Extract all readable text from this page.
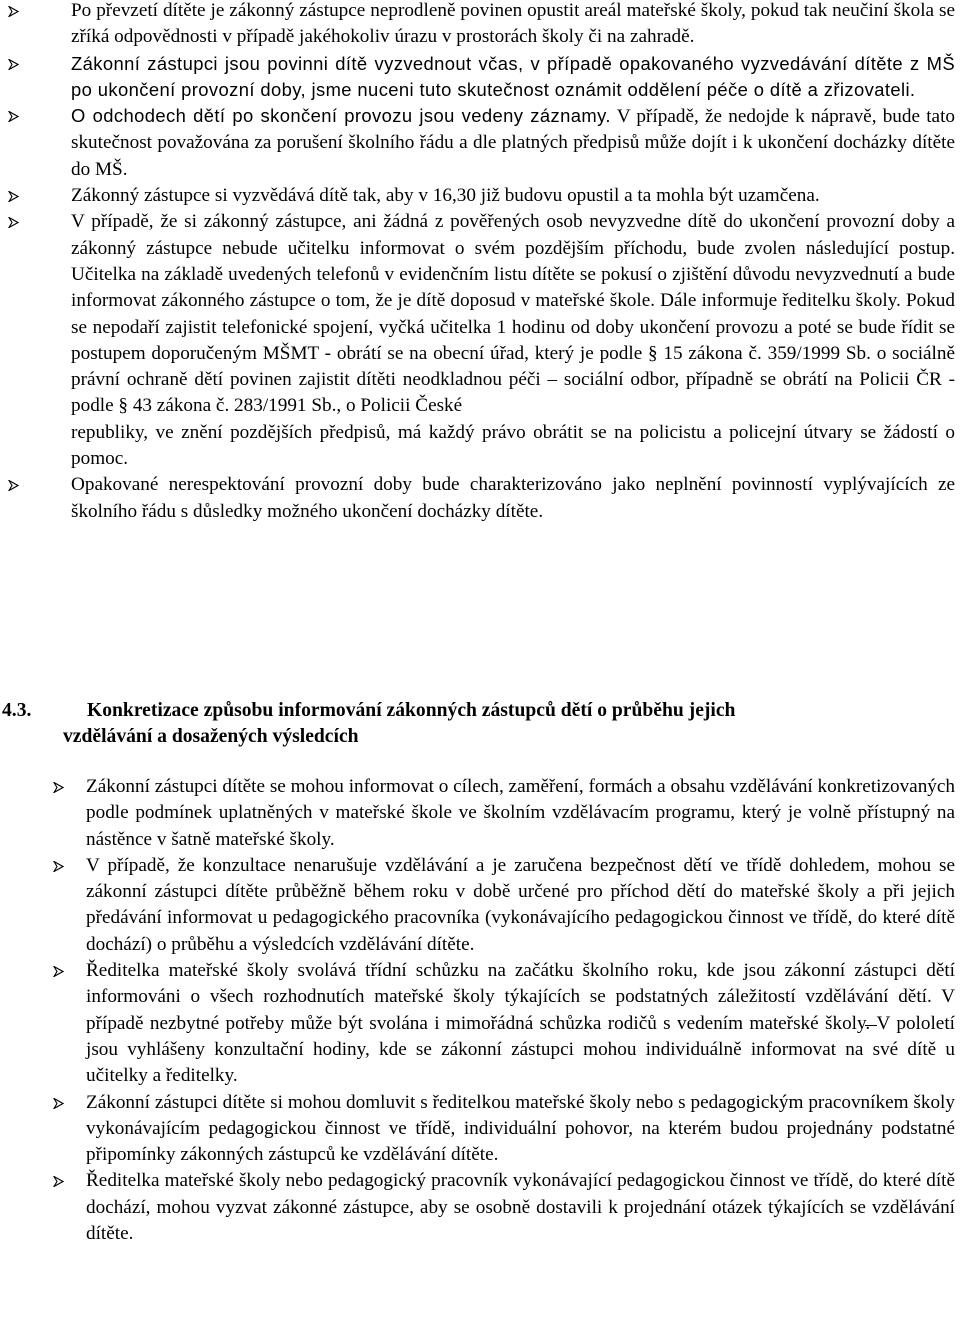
Po převzetí dítěte je zákonný zástupce neprodleně povinen opustit areál mateřské školy, pokud tak neučiní škola se zříká odpovědnosti v případě jakéhokoliv úrazu v prostorách školy či na zahradě.
Zákonní zástupci jsou povinni dítě vyzvednout včas, v případě opakovaného vyzvedávání dítěte z MŠ po ukončení provozní doby, jsme nuceni tuto skutečnost oznámit oddělení péče o dítě a zřizovateli.
O odchodech dětí po skončení provozu jsou vedeny záznamy. V případě, že nedojde k nápravě, bude tato skutečnost považována za porušení školního řádu a dle platných předpisů může dojít i k ukončení docházky dítěte do MŠ.
Zákonný zástupce si vyzvědává dítě tak, aby v 16,30 již budovu opustil a ta mohla být uzamčena.
V případě, že si zákonný zástupce, ani žádná z pověřených osob nevyzvedne dítě do ukončení provozní doby a zákonný zástupce nebude učitelku informovat o svém pozdějším příchodu, bude zvolen následující postup. Učitelka na základě uvedených telefonů v evidenčním listu dítěte se pokusí o zjištění důvodu nevyzvednutí a bude informovat zákonného zástupce o tom, že je dítě doposud v mateřské škole. Dále informuje ředitelku školy. Pokud se nepodaří zajistit telefonické spojení, vyčká učitelka 1 hodinu od doby ukončení provozu a poté se bude řídit se postupem doporučeným MŠMT - obrátí se na obecní úřad, který je podle § 15 zákona č. 359/1999 Sb. o sociálně právní ochraně dětí povinen zajistit dítěti neodkladnou péči – sociální odbor, případně se obrátí na Policii ČR - podle § 43 zákona č. 283/1991 Sb., o Policii České
republiky, ve znění pozdějších předpisů, má každý právo obrátit se na policistu a policejní útvary se žádostí o pomoc.
Opakované nerespektování provozní doby bude charakterizováno jako neplnění povinností vyplývajících ze školního řádu s důsledky možného ukončení docházky dítěte.
4.3.	Konkretizace způsobu informování zákonných zástupců dětí o průběhu jejich
vzdělávání a dosažených výsledcích
Zákonní zástupci dítěte se mohou informovat o cílech, zaměření, formách a obsahu vzdělávání konkretizovaných podle podmínek uplatněných v mateřské škole ve školním vzdělávacím programu, který je volně přístupný na nástěnce v šatně mateřské školy.
V případě, že konzultace nenarušuje vzdělávání a je zaručena bezpečnost dětí ve třídě dohledem, mohou se zákonní zástupci dítěte průběžně během roku v době určené pro příchod dětí do mateřské školy a při jejich předávání informovat u pedagogického pracovníka (vykonávajícího pedagogickou činnost ve třídě, do které dítě dochází) o průběhu a výsledcích vzdělávání dítěte.
Ředitelka mateřské školy svolává třídní schůzku na začátku školního roku, kde jsou zákonní zástupci dětí informováni o všech rozhodnutích mateřské školy týkajících se podstatných záležitostí vzdělávání dětí. V případě nezbytné potřeby může být svolána i mimořádná schůzka rodičů s vedením mateřské školy. V pololetí jsou vyhlášeny konzultační hodiny, kde se zákonní zástupci mohou individuálně informovat na své dítě u učitelky a ředitelky.
Zákonní zástupci dítěte si mohou domluvit s ředitelkou mateřské školy nebo s pedagogickým pracovníkem školy vykonávajícím pedagogickou činnost ve třídě, individuální pohovor, na kterém budou projednány podstatné připomínky zákonných zástupců ke vzdělávání dítěte.
Ředitelka mateřské školy nebo pedagogický pracovník vykonávající pedagogickou činnost ve třídě, do které dítě dochází, mohou vyzvat zákonné zástupce, aby se osobně dostavili k projednání otázek týkajících se vzdělávání dítěte.
